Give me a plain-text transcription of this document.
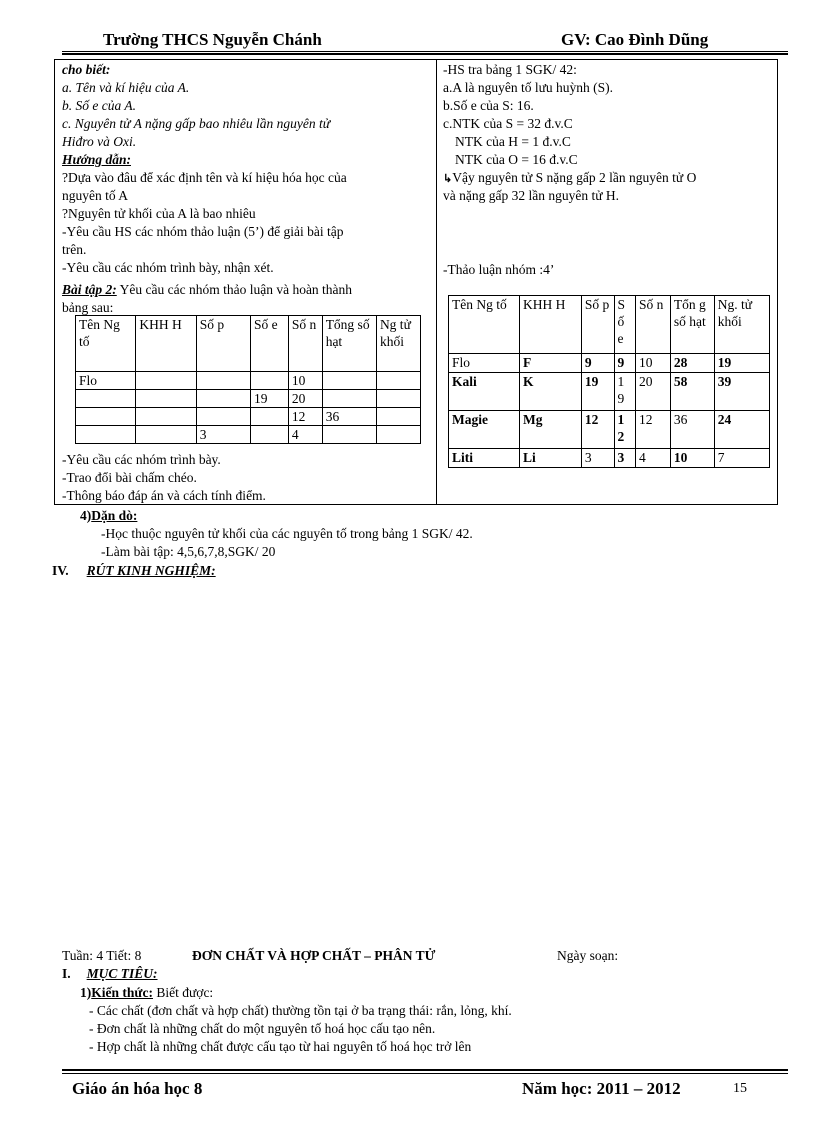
Trường THCS Nguyễn Chánh	GV: Cao Đình Dũng
cho biết:
a. Tên và kí hiệu của A.
b. Số e của A.
c. Nguyên tử A nặng gấp bao nhiêu lần nguyên tử
Hiđro và Oxi.
Hướng dẫn:
?Dựa vào đâu để xác định tên và kí hiệu hóa học của
nguyên tố A
?Nguyên tử khối của A là bao nhiêu
-Yêu cầu HS các nhóm thảo luận (5’) để giải bài tập
trên.
-Yêu cầu các nhóm trình bày, nhận xét.
Bài tập 2: Yêu cầu các nhóm thảo luận và hoàn thành
bảng sau:
-Yêu cầu các nhóm trình bày.
-Trao đổi bài chấm chéo.
-Thông báo đáp án và cách tính điểm.
Tên Ng tố	KHH H	Số p	Số e	Số n	Tổng số hạt	Ng tử khối
Flo				10		
			19	20		
				12	36	
		3		4		
-HS tra bảng 1 SGK/ 42:
a.A là nguyên tố lưu huỳnh (S).
b.Số e của S: 16.
c.NTK của S = 32 đ.v.C
NTK của H = 1 đ.v.C
NTK của O = 16 đ.v.C
↳Vậy nguyên tử S nặng gấp 2 lần nguyên tử O
và nặng gấp 32 lần nguyên tử H.
-Thảo luận nhóm :4’
Tên Ng tố	KHH H	Số p	S ố e	Số n	Tổn g số hạt	Ng. tử khối
Flo	F	9	9	10	28	19
Kali	K	19	1 9	20	58	39
Magie	Mg	12	1 2	12	36	24
Liti	Li	3	3	4	10	7
4)Dặn dò:
-Học thuộc nguyên tử khối của các nguyên tố trong bảng 1 SGK/ 42.
-Làm bài tập: 4,5,6,7,8,SGK/ 20
IV. RÚT KINH NGHIỆM:
Tuần: 4 Tiết: 8	ĐƠN CHẤT VÀ HỢP CHẤT – PHÂN TỬ	Ngày soạn:
I. MỤC TIÊU:
1)Kiến thức: Biết được:
- Các chất (đơn chất và hợp chất) thường tồn tại ở ba trạng thái: rắn, lỏng, khí.
- Đơn chất là những chất do một nguyên tố hoá học cấu tạo nên.
- Hợp chất là những chất được cấu tạo từ hai nguyên tố hoá học trở lên
Giáo án hóa học 8	Năm học: 2011 – 2012	15
